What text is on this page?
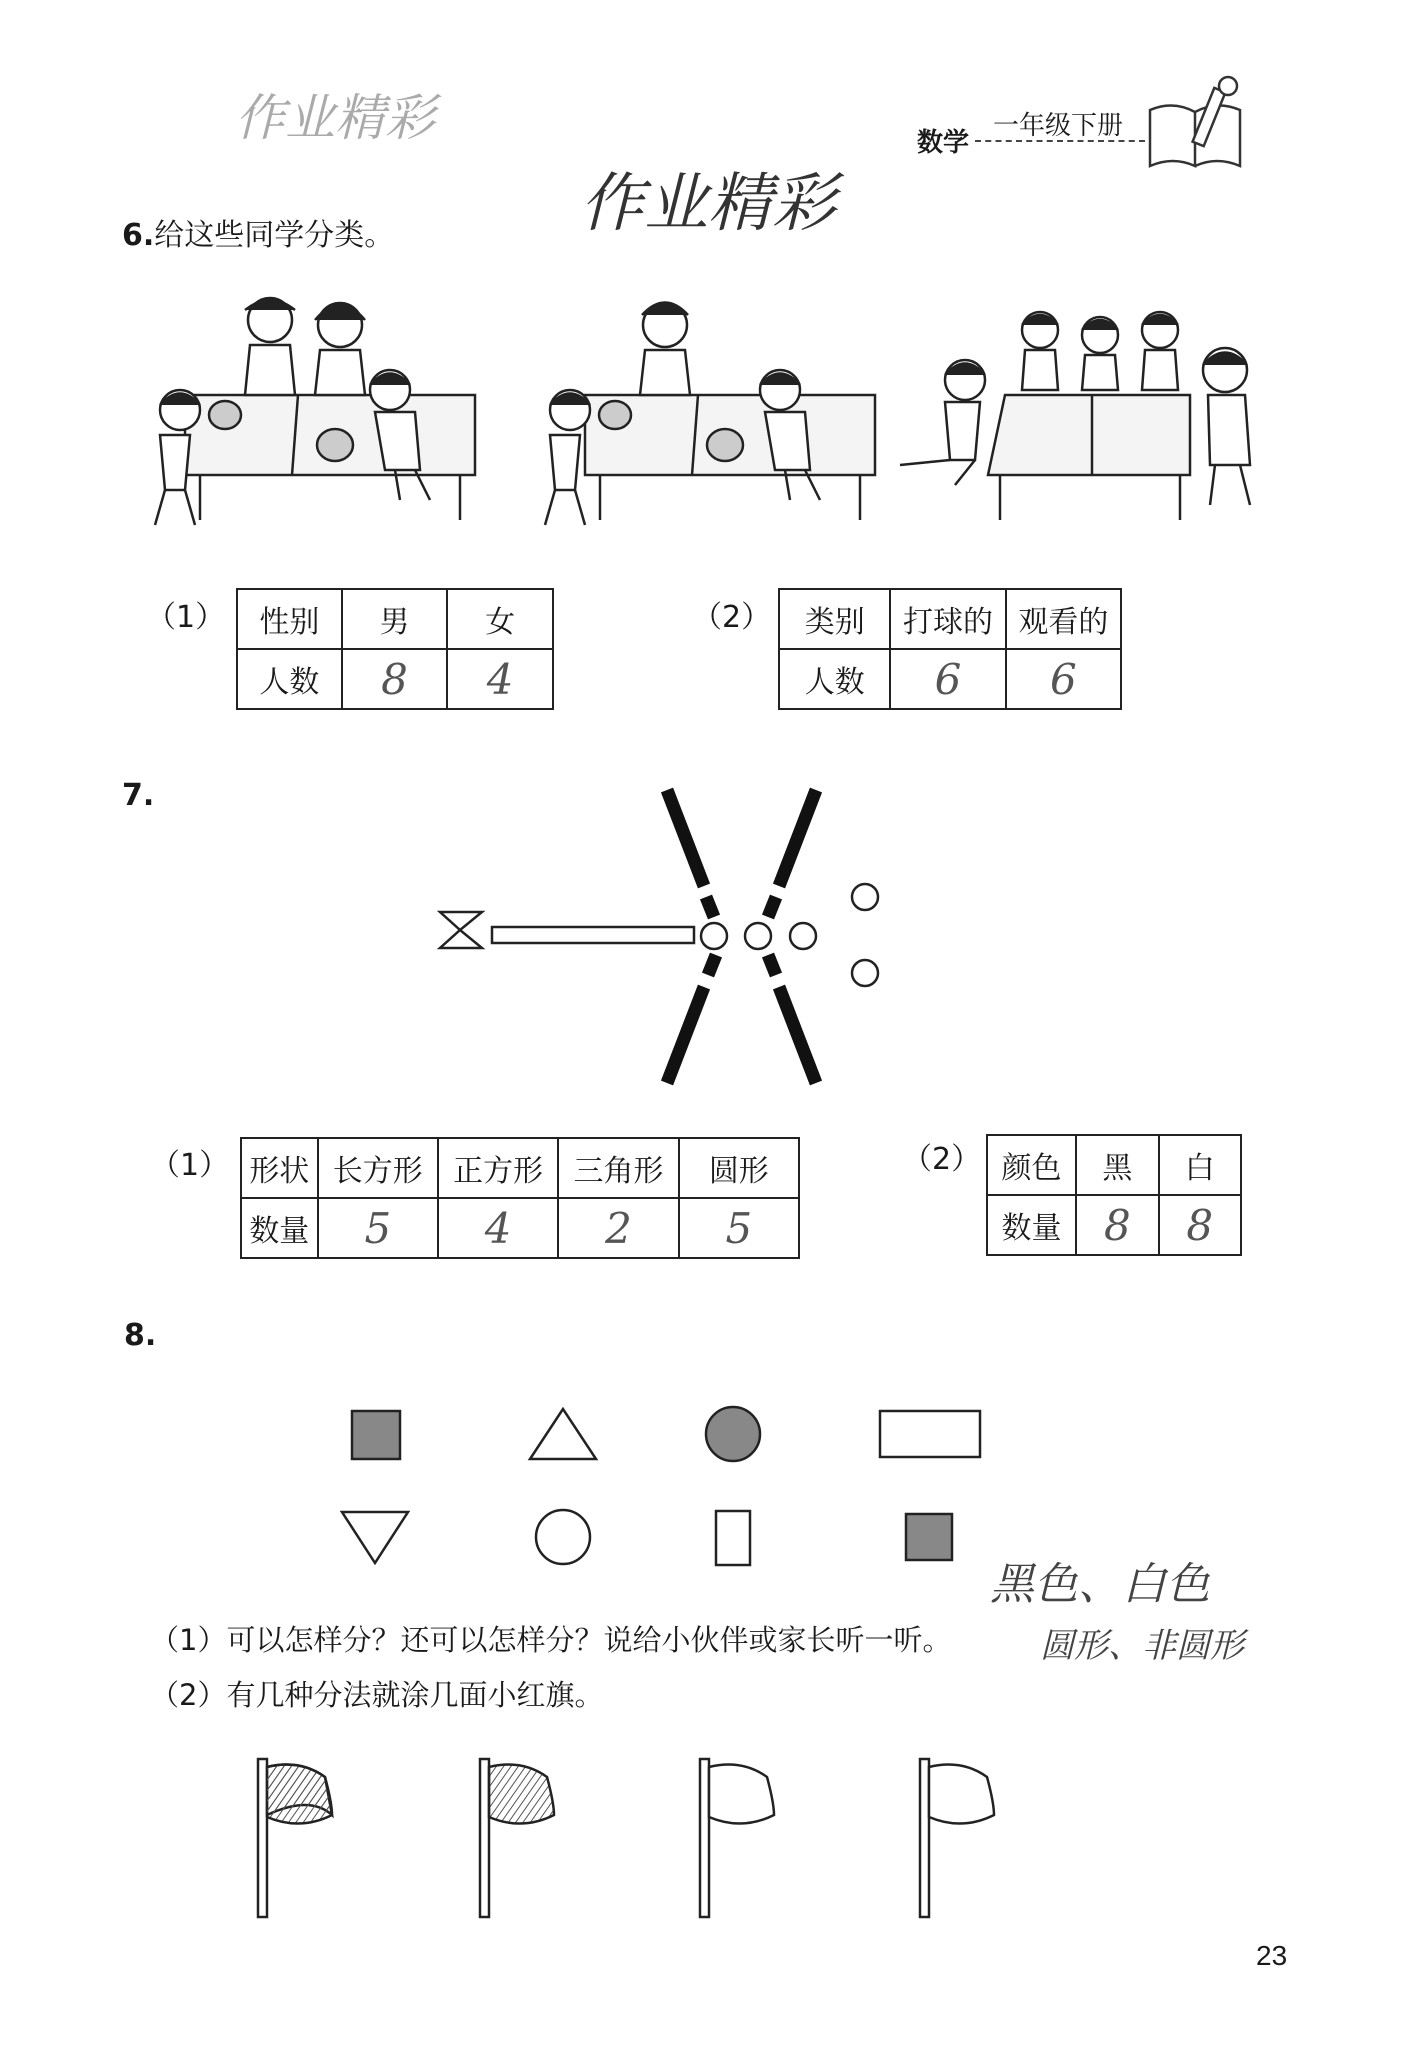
作业精彩	数学
一年级下册
作业精彩
6.给这些同学分类。
（1） 性别	男	女
人数	8	4
（2） 类别	打球的	观看的
人数	6	6
7.
（1） 形状	长方形	正方形	三角形	圆形
数量	5	4	2	5
（2） 颜色	黑	白
数量	8	8
8.
黑色、白色
（1）可以怎样分？还可以怎样分？说给小伙伴或家长听一听。	圆形、非圆形
（2）有几种分法就涂几面小红旗。
23
